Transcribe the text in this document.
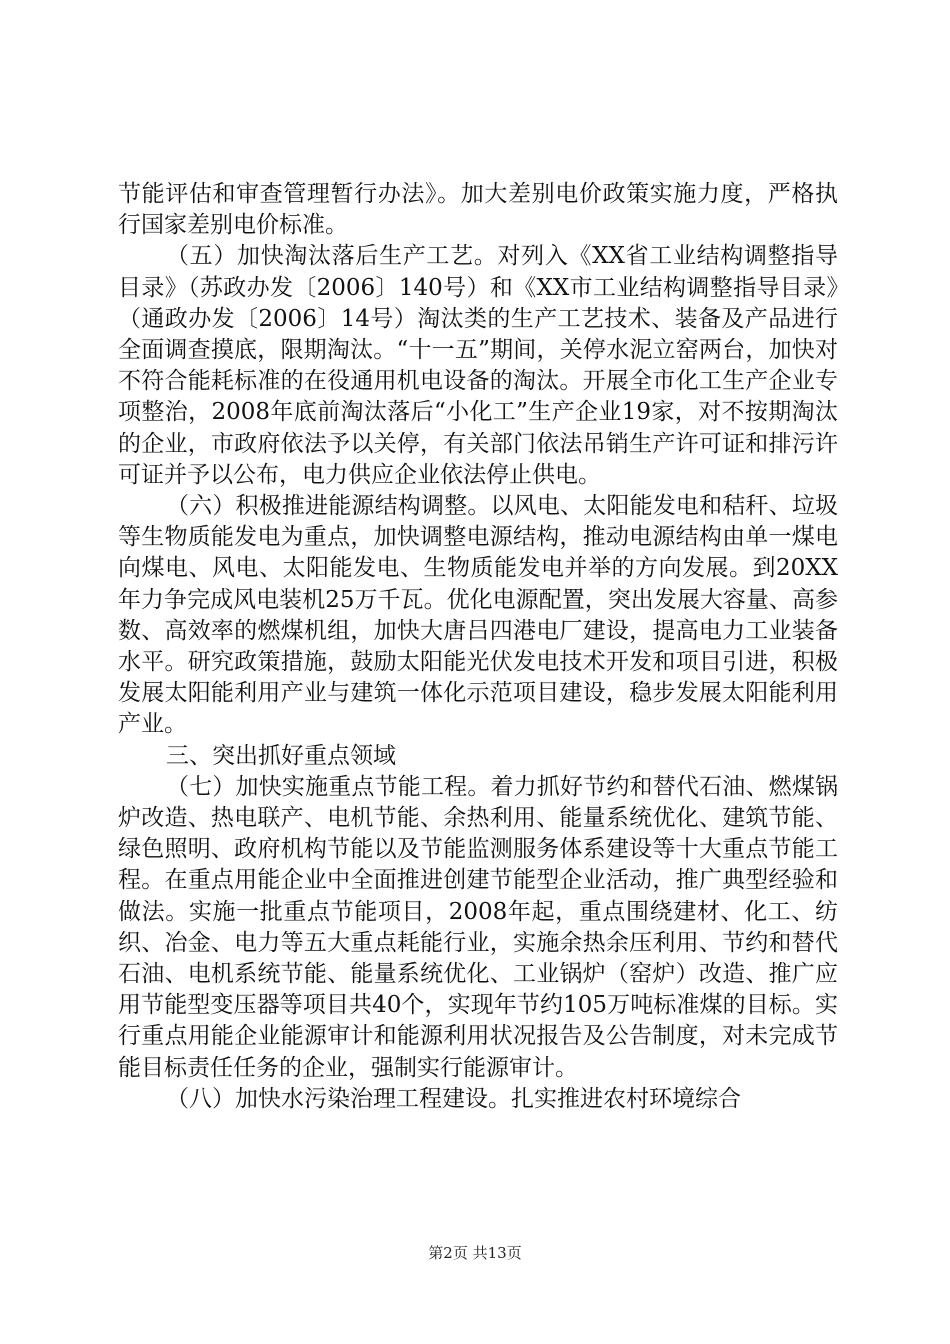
节能评估和审查管理暂行办法》。加大差别电价政策实施力度，严格执行国家差别电价标准。

（五）加快淘汰落后生产工艺。对列入《XX省工业结构调整指导目录》（苏政办发〔2006〕140号）和《XX市工业结构调整指导目录》（通政办发〔2006〕14号）淘汰类的生产工艺技术、装备及产品进行全面调查摸底，限期淘汰。“十一五”期间，关停水泥立窑两台，加快对不符合能耗标准的在役通用机电设备的淘汰。开展全市化工生产企业专项整治，2008年底前淘汰落后“小化工”生产企业19家，对不按期淘汰的企业，市政府依法予以关停，有关部门依法吊销生产许可证和排污许可证并予以公布，电力供应企业依法停止供电。

（六）积极推进能源结构调整。以风电、太阳能发电和秸秆、垃圾等生物质能发电为重点，加快调整电源结构，推动电源结构由单一煤电向煤电、风电、太阳能发电、生物质能发电并举的方向发展。到20XX年力争完成风电装机25万千瓦。优化电源配置，突出发展大容量、高参数、高效率的燃煤机组，加快大唐吕四港电厂建设，提高电力工业装备水平。研究政策措施，鼓励太阳能光伏发电技术开发和项目引进，积极发展太阳能利用产业与建筑一体化示范项目建设，稳步发展太阳能利用产业。

三、突出抓好重点领域

（七）加快实施重点节能工程。着力抓好节约和替代石油、燃煤锅炉改造、热电联产、电机节能、余热利用、能量系统优化、建筑节能、绿色照明、政府机构节能以及节能监测服务体系建设等十大重点节能工程。在重点用能企业中全面推进创建节能型企业活动，推广典型经验和做法。实施一批重点节能项目，2008年起，重点围绕建材、化工、纺织、冶金、电力等五大重点耗能行业，实施余热余压利用、节约和替代石油、电机系统节能、能量系统优化、工业锅炉（窑炉）改造、推广应用节能型变压器等项目共40个，实现年节约105万吨标准煤的目标。实行重点用能企业能源审计和能源利用状况报告及公告制度，对未完成节能目标责任任务的企业，强制实行能源审计。

（八）加快水污染治理工程建设。扎实推进农村环境综合

第2页 共13页
